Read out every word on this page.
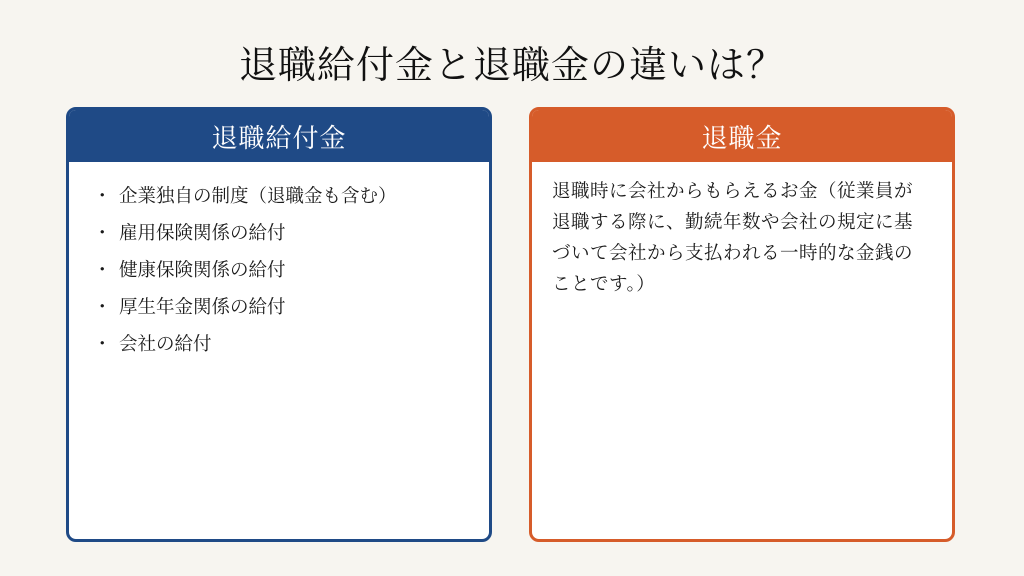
退職給付金と退職金の違いは？
退職給付金
・ 企業独自の制度（退職金も含む）
・ 雇用保険関係の給付
・ 健康保険関係の給付
・ 厚生年金関係の給付
・ 会社の給付
退職金

退職時に会社からもらえるお金（従業員が退職する際に、勤続年数や会社の規定に基づいて会社から支払われる一時的な金銭のことです。）
